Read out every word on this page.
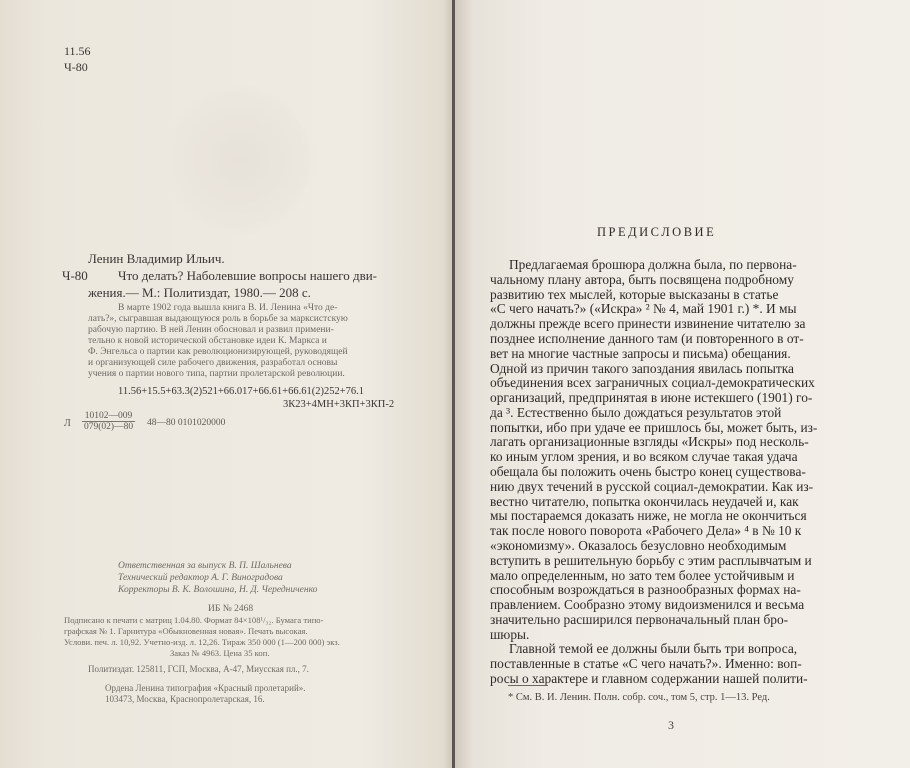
11.56
Ч-80
Ленин Владимир Ильич.
Ч-80 Что делать? Наболевшие вопросы нашего дви-
жения.— М.: Политиздат, 1980.— 208 с.
В марте 1902 года вышла книга В. И. Ленина «Что де-
лать?», сыгравшая выдающуюся роль в борьбе за марксистскую
рабочую партию. В ней Ленин обосновал и развил примени-
тельно к новой исторической обстановке идеи К. Маркса и
Ф. Энгельса о партии как революционизирующей, руководящей
и организующей силе рабочего движения, разработал основы
учения о партии нового типа, партии пролетарской революции.
11.56+15.5+63.3(2)521+66.017+66.61+66.61(2)252+76.1
3К23+4МН+3КП+3КП-2
Л $\frac{10102—009}{079(02)—80}$ 48—80 0101020000
Ответственная за выпуск В. П. Шальнева
Технический редактор А. Г. Виноградова
Корректоры В. К. Волошина, Н. Д. Чередниченко
ИБ № 2468
Подписано к печати с матриц 1.04.80. Формат 84×108¹/₃₂. Бумага типо-
графская № 1. Гарнитура «Обыкновенная новая». Печать высокая.
Услови. печ. л. 10,92. Учетно-изд. л. 12,26. Тираж 350 000 (1—200 000) экз.
Заказ № 4963. Цена 35 коп.
Политиздат. 125811, ГСП, Москва, А-47, Миусская пл., 7.
Ордена Ленина типография «Красный пролетарий».
103473, Москва, Краснопролетарская, 16.
ПРЕДИСЛОВИЕ
Предлагаемая брошюра должна была, по первона-
чальному плану автора, быть посвящена подробному
развитию тех мыслей, которые высказаны в статье
«С чего начать?» («Искра» ² № 4, май 1901 г.) *. И мы
должны прежде всего принести извинение читателю за
позднее исполнение данного там (и повторенного в от-
вет на многие частные запросы и письма) обещания.
Одной из причин такого запоздания явилась попытка
объединения всех заграничных социал-демократических
организаций, предпринятая в июне истекшего (1901) го-
да ³. Естественно было дождаться результатов этой
попытки, ибо при удаче ее пришлось бы, может быть, из-
лагать организационные взгляды «Искры» под несколь-
ко иным углом зрения, и во всяком случае такая удача
обещала бы положить очень быстро конец существова-
нию двух течений в русской социал-демократии. Как из-
вестно читателю, попытка окончилась неудачей и, как
мы постараемся доказать ниже, не могла не окончиться
так после нового поворота «Рабочего Дела» ⁴ в № 10 к
«экономизму». Оказалось безусловно необходимым
вступить в решительную борьбу с этим расплывчатым и
мало определенным, но зато тем более устойчивым и
способным возрождаться в разнообразных формах на-
правлением. Сообразно этому видоизменился и весьма
значительно расширился первоначальный план бро-
шюры.
Главной темой ее должны были быть три вопроса,
поставленные в статье «С чего начать?». Именно: воп-
росы о характере и главном содержании нашей полити-
* См. В. И. Ленин. Полн. собр. соч., том 5, стр. 1—13. Ред.
3
